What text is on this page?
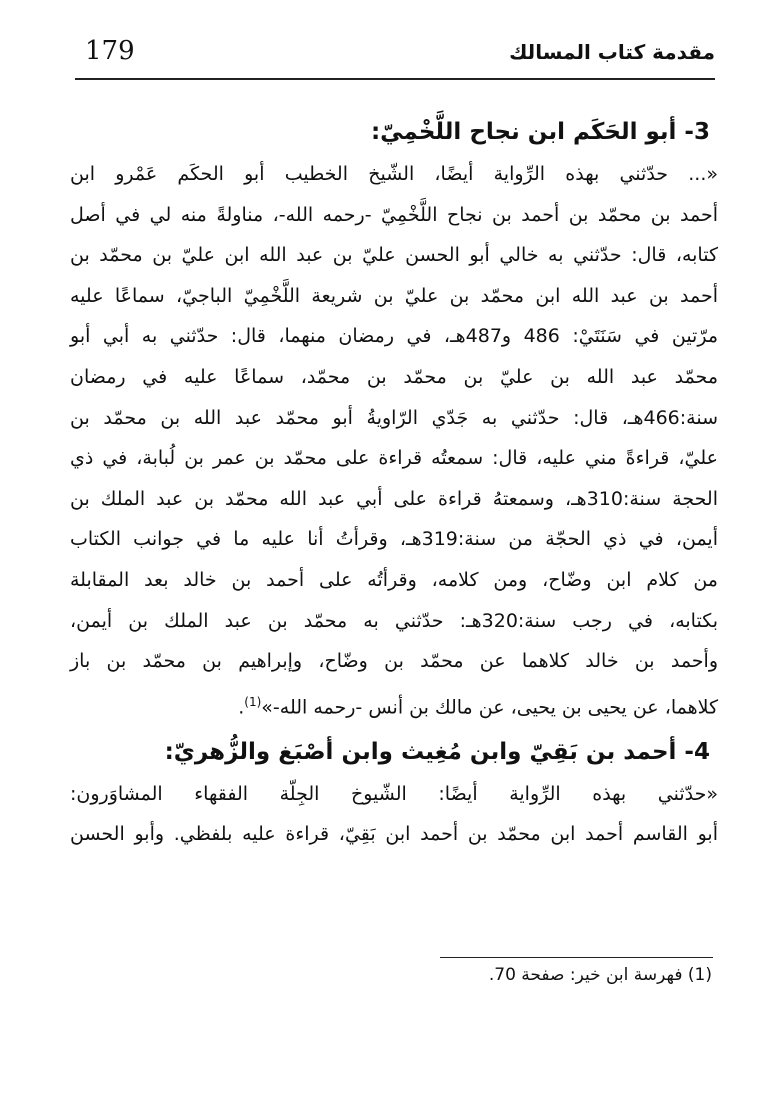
179	مقدمة كتاب المسالك
3- أبو الحَكَم ابن نجاح اللَّخْمِيّ:
«... حدّثني بهذه الرِّواية أيضًا، الشّيخ الخطيب أبو الحكَم عَمْرو ابن
أحمد بن محمّد بن أحمد بن نجاح اللَّخْمِيّ -رحمه الله-، مناولةً منه لي في أصل
كتابه، قال: حدّثني به خالي أبو الحسن عليّ بن عبد الله ابن عليّ بن محمّد بن
أحمد بن عبد الله ابن محمّد بن عليّ بن شريعة اللَّخْمِيّ الباجيّ، سماعًا عليه
مرّتين في سَنَتَيْ: 486 و487هـ، في رمضان منهما، قال: حدّثني به أبي أبو
محمّد عبد الله بن عليّ بن محمّد بن محمّد، سماعًا عليه في رمضان
سنة:466هـ، قال: حدّثني به جَدّي الرّاويةُ أبو محمّد عبد الله بن محمّد بن
عليّ، قراءةً مني عليه، قال: سمعتُه قراءة على محمّد بن عمر بن لُبابة، في ذي
الحجة سنة:310هـ، وسمعتهُ قراءة على أبي عبد الله محمّد بن عبد الملك بن
أيمن، في ذي الحجّة من سنة:319هـ، وقرأتُ أنا عليه ما في جوانب الكتاب
من كلام ابن وضّاح، ومن كلامه، وقرأتُه على أحمد بن خالد بعد المقابلة
بكتابه، في رجب سنة:320هـ: حدّثني به محمّد بن عبد الملك بن أيمن،
وأحمد بن خالد كلاهما عن محمّد بن وضّاح، وإبراهيم بن محمّد بن باز
كلاهما، عن يحيى بن يحيى، عن مالك بن أنس -رحمه الله-»$^{(1)}$.
4- أحمد بن بَقِيّ وابن مُغِيث وابن أصْبَغ والزُّهريّ:
«حدّثني بهذه الرِّواية أيضًا: الشّيوخ الجِلّة الفقهاء المشاوَرون:
أبو القاسم أحمد ابن محمّد بن أحمد ابن بَقِيّ، قراءة عليه بلفظي. وأبو الحسن
(1) فهرسة ابن خير: صفحة 70.
